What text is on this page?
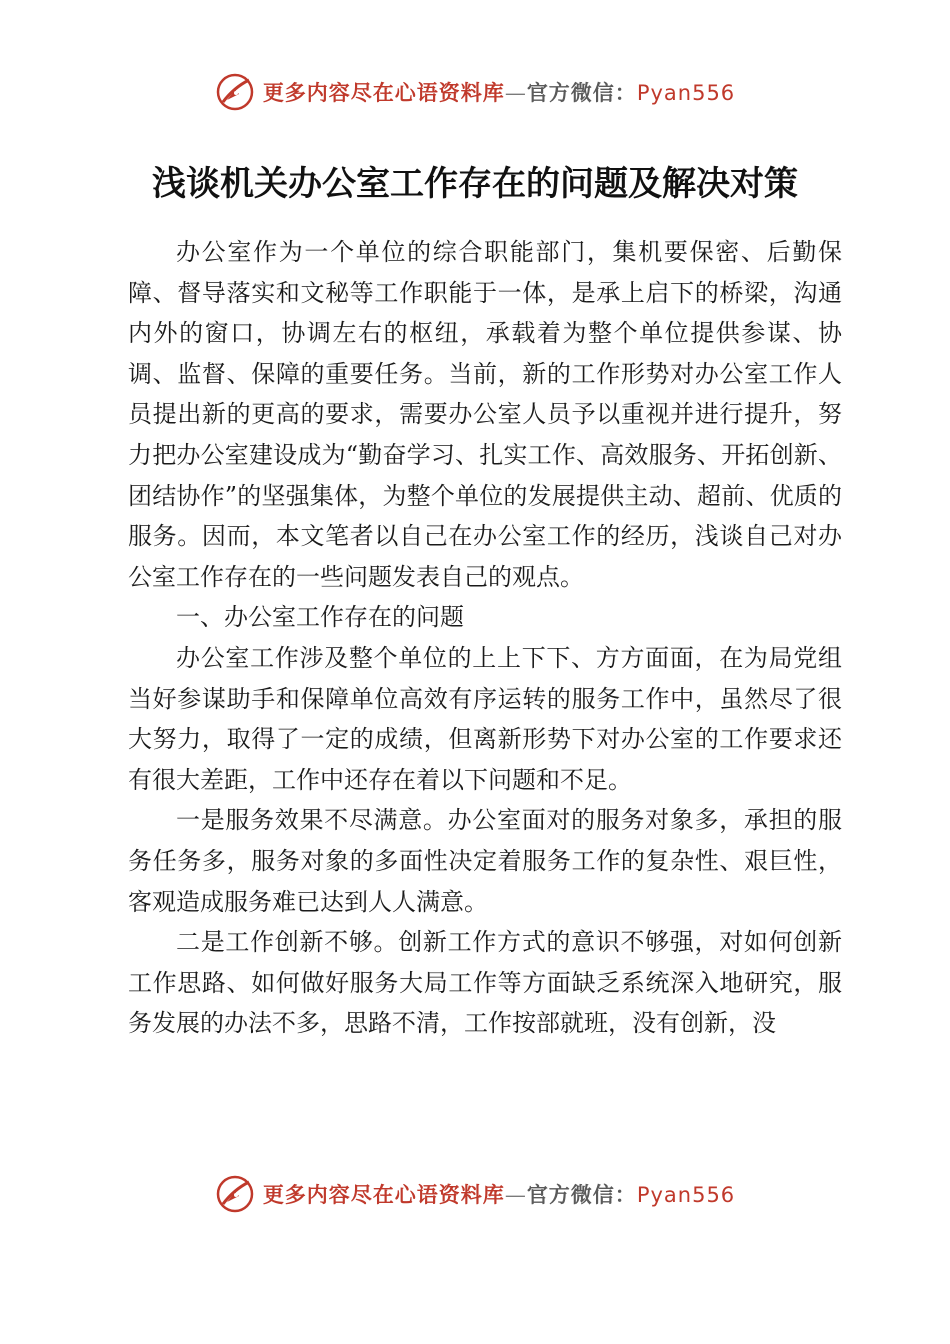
更多内容尽在心语资料库—官方微信：Pyan556
浅谈机关办公室工作存在的问题及解决对策

办公室作为一个单位的综合职能部门，集机要保密、后勤保障、督导落实和文秘等工作职能于一体，是承上启下的桥梁，沟通内外的窗口，协调左右的枢纽，承载着为整个单位提供参谋、协调、监督、保障的重要任务。当前，新的工作形势对办公室工作人员提出新的更高的要求，需要办公室人员予以重视并进行提升，努力把办公室建设成为“勤奋学习、扎实工作、高效服务、开拓创新、团结协作”的坚强集体，为整个单位的发展提供主动、超前、优质的服务。因而，本文笔者以自己在办公室工作的经历，浅谈自己对办公室工作存在的一些问题发表自己的观点。

一、办公室工作存在的问题

办公室工作涉及整个单位的上上下下、方方面面，在为局党组当好参谋助手和保障单位高效有序运转的服务工作中，虽然尽了很大努力，取得了一定的成绩，但离新形势下对办公室的工作要求还有很大差距，工作中还存在着以下问题和不足。

一是服务效果不尽满意。办公室面对的服务对象多，承担的服务任务多，服务对象的多面性决定着服务工作的复杂性、艰巨性，客观造成服务难已达到人人满意。

二是工作创新不够。创新工作方式的意识不够强，对如何创新工作思路、如何做好服务大局工作等方面缺乏系统深入地研究，服务发展的办法不多，思路不清，工作按部就班，没有创新，没

更多内容尽在心语资料库—官方微信：Pyan556
